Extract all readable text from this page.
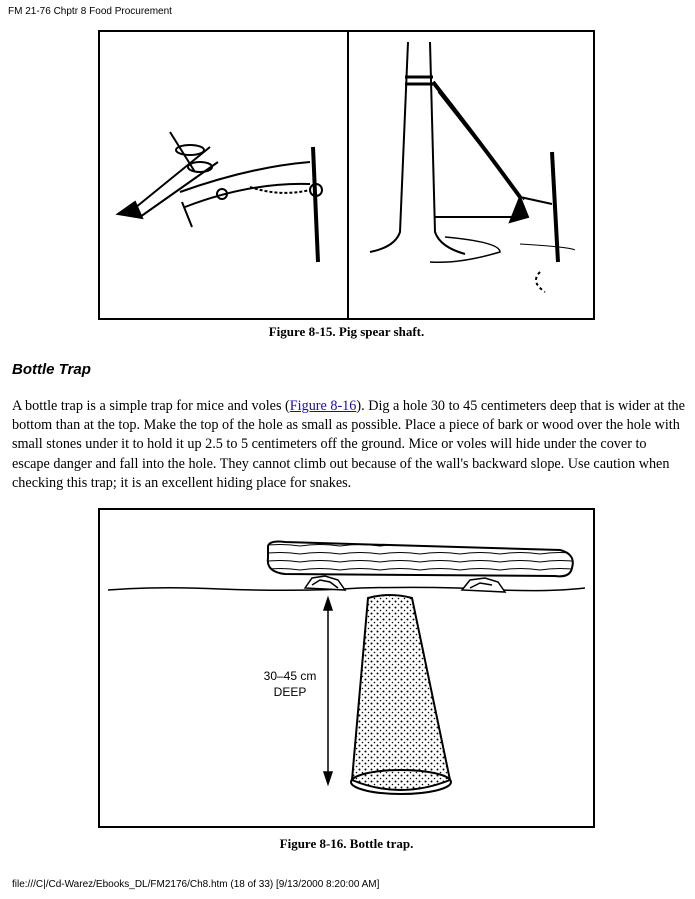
FM 21-76 Chptr 8 Food Procurement
Figure 8-15. Pig spear shaft.
Bottle Trap

A bottle trap is a simple trap for mice and voles (Figure 8-16). Dig a hole 30 to 45 centimeters deep that is wider at the bottom than at the top. Make the top of the hole as small as possible. Place a piece of bark or wood over the hole with small stones under it to hold it up 2.5 to 5 centimeters off the ground. Mice or voles will hide under the cover to escape danger and fall into the hole. They cannot climb out because of the wall's backward slope. Use caution when checking this trap; it is an excellent hiding place for snakes.

30–45 cm
DEEP
Figure 8-16. Bottle trap.
file:///C|/Cd-Warez/Ebooks_DL/FM2176/Ch8.htm (18 of 33) [9/13/2000 8:20:00 AM]
